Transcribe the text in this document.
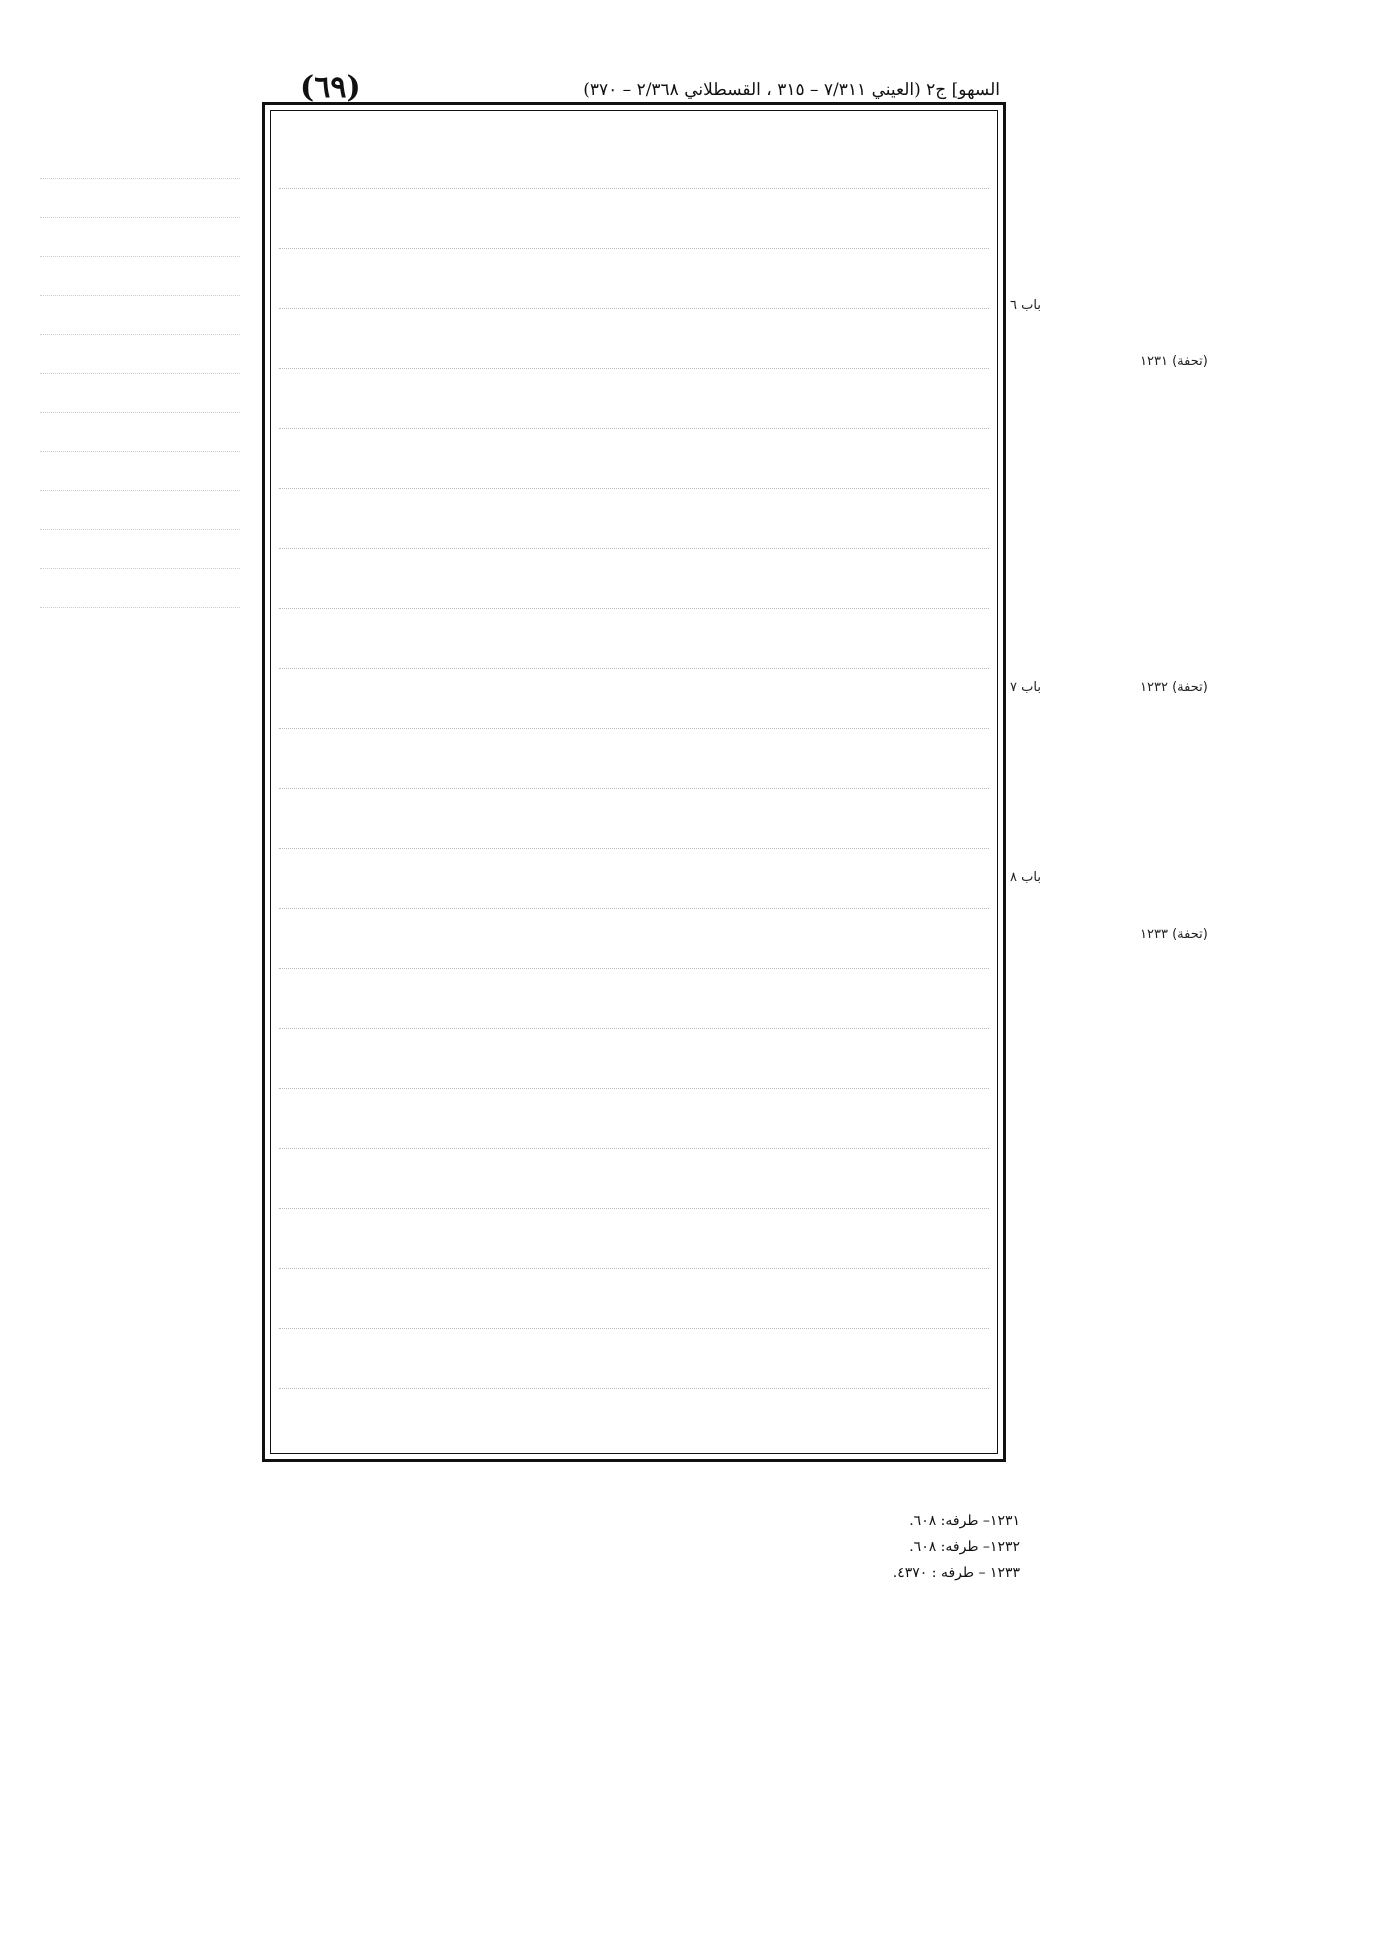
السهو] ج٢ (العيني ٧/٣١١ – ٣١٥ ، القسطلاني ٢/٣٦٨ – ٣٧٠)
(٦٩)
باب ٦
باب ٧
باب ٨
(تحفة) ١٢٣١
(تحفة) ١٢٣٢
(تحفة) ١٢٣٣
١٢٣١– طرفه: ٦٠٨.
١٢٣٢– طرفه: ٦٠٨.
١٢٣٣ – طرفه : ٤٣٧٠.
